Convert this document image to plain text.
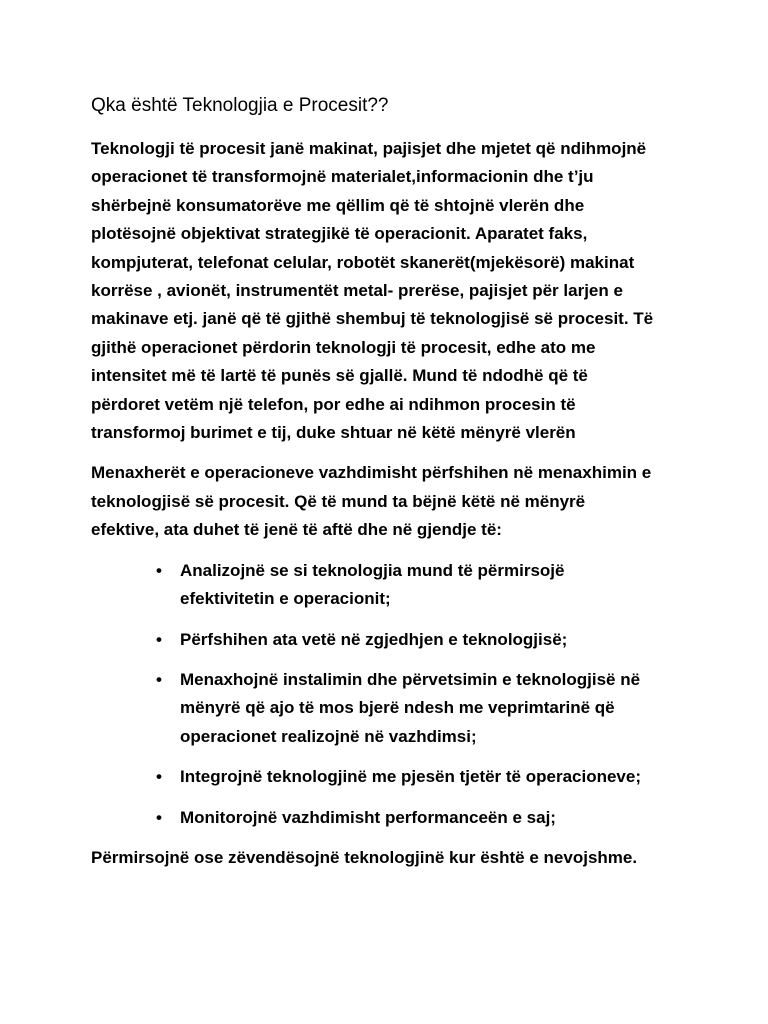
Qka është Teknologjia e Procesit??

Teknologji të procesit janë makinat, pajisjet dhe mjetet që ndihmojnë
operacionet të transformojnë materialet,informacionin dhe t’ju
shërbejnë konsumatorëve me qëllim që të shtojnë vlerën dhe
plotësojnë objektivat strategjikë të operacionit. Aparatet faks,
kompjuterat, telefonat celular, robotët skanerët(mjekësorë) makinat
korrëse , avionët, instrumentët metal- prerëse, pajisjet për larjen e
makinave etj. janë që të gjithë shembuj të teknologjisë së procesit. Të
gjithë operacionet përdorin teknologji të procesit, edhe ato me
intensitet më të lartë të punës së gjallë. Mund të ndodhë që të
përdoret vetëm një telefon, por edhe ai ndihmon procesin të
transformoj burimet e tij, duke shtuar në këtë mënyrë vlerën

Menaxherët e operacioneve vazhdimisht përfshihen në menaxhimin e
teknologjisë së procesit. Që të mund ta bëjnë këtë në mënyrë
efektive, ata duhet të jenë të aftë dhe në gjendje të:

• Analizojnë se si teknologjia mund të përmirsojë
efektivitetin e operacionit;
• Përfshihen ata vetë në zgjedhjen e teknologjisë;
• Menaxhojnë instalimin dhe përvetsimin e teknologjisë në
mënyrë që ajo të mos bjerë ndesh me veprimtarinë që
operacionet realizojnë në vazhdimsi;
• Integrojnë teknologjinë me pjesën tjetër të operacioneve;
• Monitorojnë vazhdimisht performanceën e saj;

Përmirsojnë ose zëvendësojnë teknologjinë kur është e nevojshme.
